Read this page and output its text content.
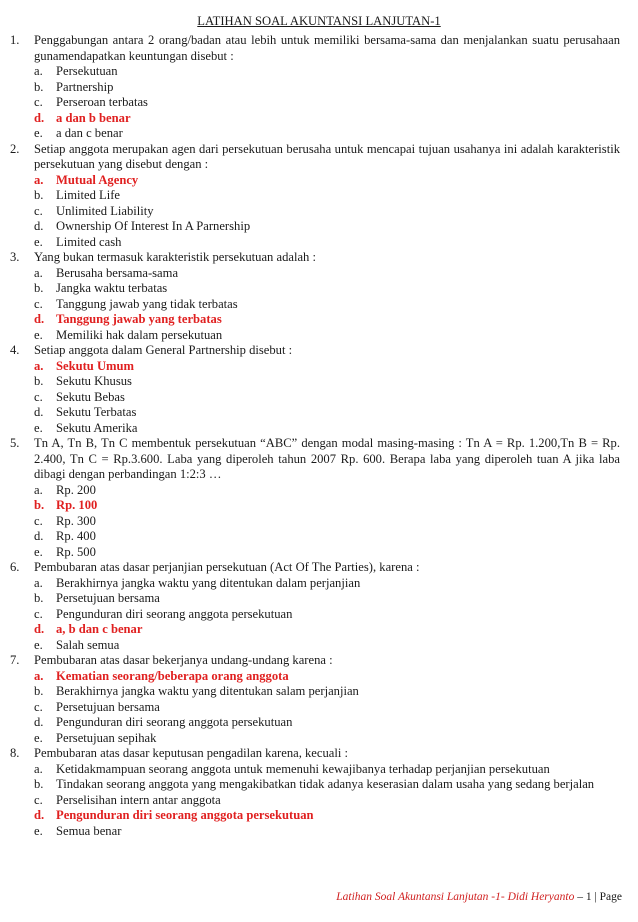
LATIHAN SOAL AKUNTANSI LANJUTAN-1
1.	Penggabungan antara 2 orang/badan atau lebih untuk memiliki bersama-sama dan menjalankan suatu perusahaan gunamendapatkan keuntungan disebut :
a.	Persekutuan
b. Partnership
c.	Perseroan terbatas
d. a dan b benar
e.	a dan c benar
2.	Setiap anggota merupakan agen dari persekutuan berusaha untuk mencapai tujuan usahanya ini adalah karakteristik persekutuan yang disebut dengan :
a. Mutual Agency
b. Limited Life
c.	Unlimited Liability
d. Ownership Of Interest In A Parnership
e.	Limited cash
3.	Yang bukan termasuk karakteristik persekutuan adalah :
a.	Berusaha bersama-sama
b. Jangka waktu terbatas
c.	Tanggung jawab yang tidak terbatas
d. Tanggung jawab yang terbatas
e.	Memiliki hak dalam persekutuan
4.	Setiap anggota dalam General Partnership disebut :
a. Sekutu Umum
b. Sekutu Khusus
c.	Sekutu Bebas
d. Sekutu Terbatas
e.	Sekutu Amerika
5.	Tn A, Tn B, Tn C membentuk persekutuan “ABC” dengan modal masing-masing : Tn A = Rp. 1.200,Tn B = Rp. 2.400, Tn C = Rp.3.600. Laba yang diperoleh tahun 2007 Rp. 600. Berapa laba yang diperoleh tuan A jika laba dibagi dengan perbandingan 1:2:3 …
a.	Rp. 200
b. Rp. 100
c.	Rp. 300
d. Rp. 400
e.	Rp. 500
6.	Pembubaran atas dasar perjanjian persekutuan (Act Of The Parties), karena :
a.	Berakhirnya jangka waktu yang ditentukan dalam perjanjian
b. Persetujuan bersama
c.	Pengunduran diri seorang anggota persekutuan
d. a, b dan c benar
e.	Salah semua
7.	Pembubaran atas dasar bekerjanya undang-undang karena :
a. Kematian seorang/beberapa orang anggota
b. Berakhirnya jangka waktu yang ditentukan salam perjanjian
c.	Persetujuan bersama
d. Pengunduran diri seorang anggota persekutuan
e.	Persetujuan sepihak
8.	Pembubaran atas dasar keputusan pengadilan karena, kecuali :
a.	Ketidakmampuan seorang anggota untuk memenuhi kewajibanya terhadap perjanjian persekutuan
b. Tindakan seorang anggota yang mengakibatkan tidak adanya keserasian dalam usaha yang sedang berjalan
c.	Perselisihan intern antar anggota
d. Pengunduran diri seorang anggota persekutuan
e.	Semua benar
Latihan Soal Akuntansi Lanjutan -1- Didi Heryanto – 1 | Page
